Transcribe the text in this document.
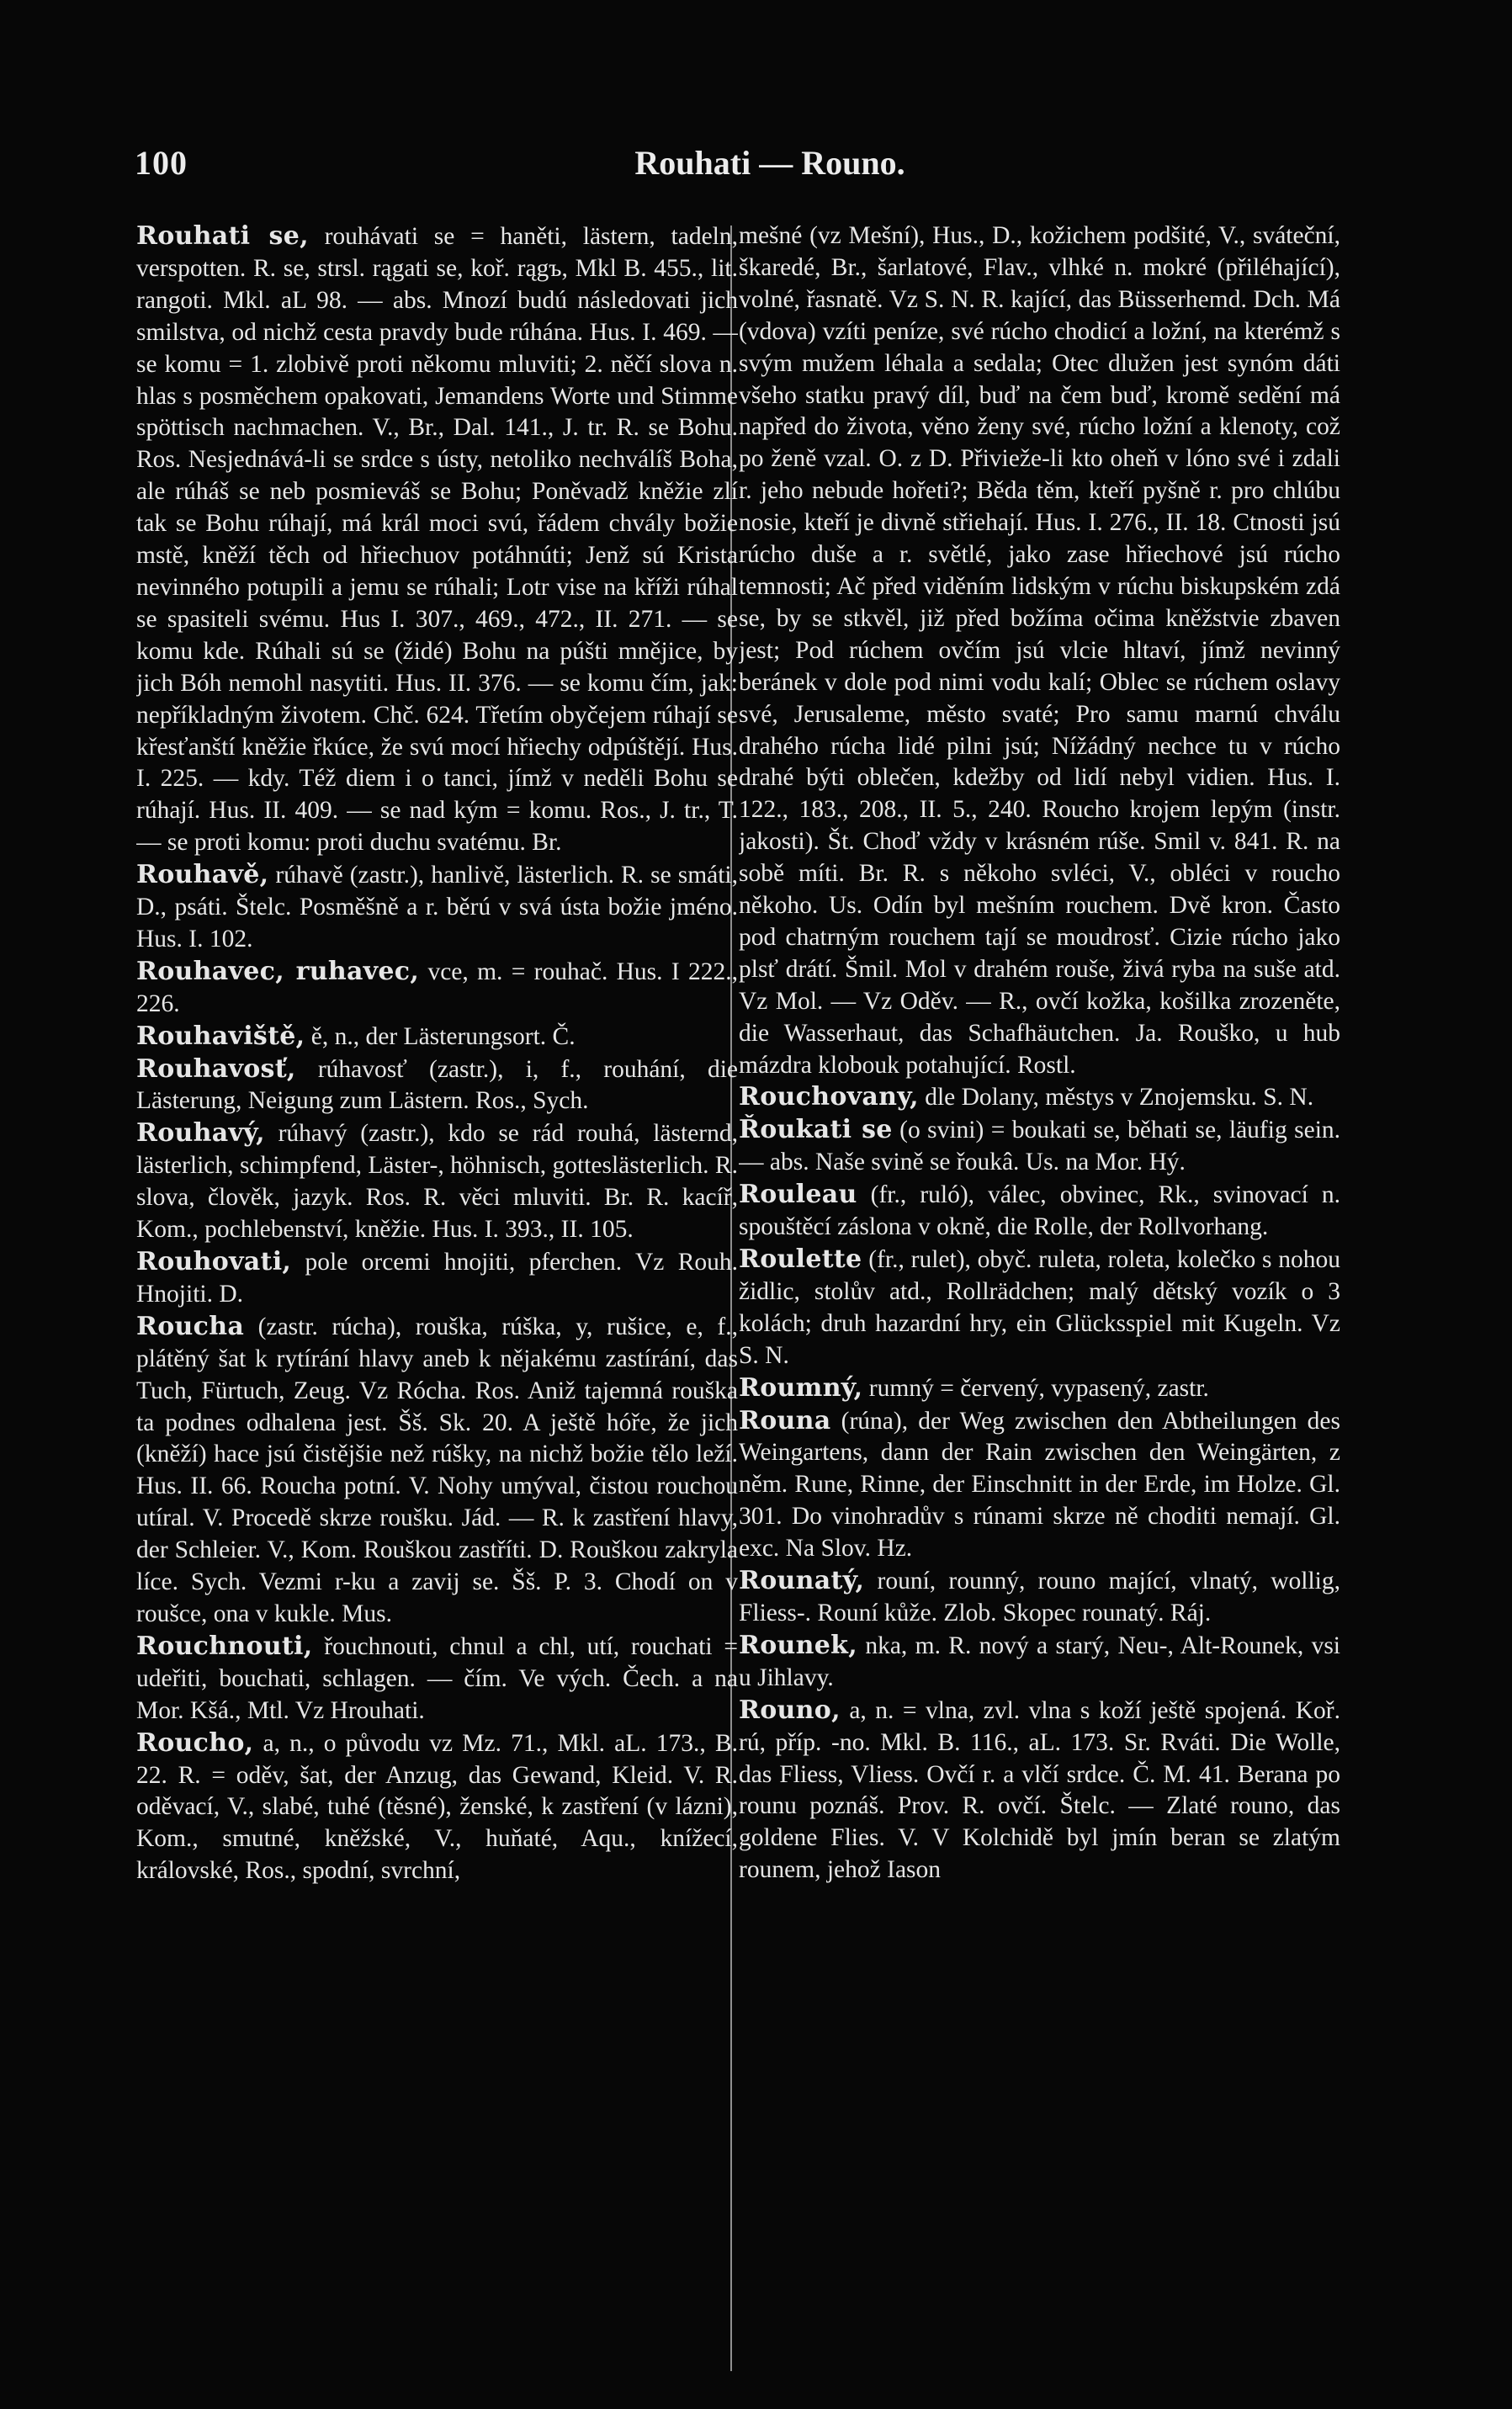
100	Rouhati — Rouno.

Rouhati se, rouhávati se = haněti, lästern, tadeln, verspotten. R. se, strsl. rągati se, koř. rągъ, Mkl B. 455., lit. rangoti. Mkl. aL 98. — abs. Mnozí budú následovati jich smilstva, od nichž cesta pravdy bude rúhána. Hus. I. 469. — se komu = 1. zlobivě proti někomu mluviti; 2. něčí slova n. hlas s posměchem opakovati, Jemandens Worte und Stimme spöttisch nachmachen. V., Br., Dal. 141., J. tr. R. se Bohu. Ros. Nesjednává-li se srdce s ústy, netoliko nechválíš Boha, ale rúháš se neb posmieváš se Bohu; Poněvadž kněžie zlí tak se Bohu rúhají, má král moci svú, řádem chvály božie mstě, kněží těch od hřiechuov potáhnúti; Jenž sú Krista nevinného potupili a jemu se rúhali; Lotr vise na kříži rúhal se spasiteli svému. Hus I. 307., 469., 472., II. 271. — se komu kde. Rúhali sú se (židé) Bohu na púšti mnějice, by jich Bóh nemohl nasytiti. Hus. II. 376. — se komu čím, jak: nepříkladným životem. Chč. 624. Třetím obyčejem rúhají se křesťanští kněžie řkúce, že svú mocí hřiechy odpúštějí. Hus. I. 225. — kdy. Též diem i o tanci, jímž v neděli Bohu se rúhají. Hus. II. 409. — se nad kým = komu. Ros., J. tr., T. — se proti komu: proti duchu svatému. Br.

Rouhavě, rúhavě (zastr.), hanlivě, lästerlich. R. se smáti, D., psáti. Štelc. Posměšně a r. běrú v svá ústa božie jméno. Hus. I. 102.

Rouhavec, ruhavec, vce, m. = rouhač. Hus. I 222., 226.

Rouhaviště, ě, n., der Lästerungsort. Č.

Rouhavosť, rúhavosť (zastr.), i, f., rouhání, die Lästerung, Neigung zum Lästern. Ros., Sych.

Rouhavý, rúhavý (zastr.), kdo se rád rouhá, lästernd, lästerlich, schimpfend, Läster-, höhnisch, gotteslästerlich. R. slova, člověk, jazyk. Ros. R. věci mluviti. Br. R. kacíř, Kom., pochlebenství, kněžie. Hus. I. 393., II. 105.

Rouhovati, pole orcemi hnojiti, pferchen. Vz Rouh. Hnojiti. D.

Roucha (zastr. rúcha), rouška, rúška, y, rušice, e, f., plátěný šat k rytírání hlavy aneb k nějakému zastírání, das Tuch, Fürtuch, Zeug. Vz Rócha. Ros. Aniž tajemná rouška ta podnes odhalena jest. Šš. Sk. 20. A ještě hóře, že jich (kněží) hace jsú čistějšie než rúšky, na nichž božie tělo leží. Hus. II. 66. Roucha potní. V. Nohy umýval, čistou rouchou utíral. V. Procedě skrze roušku. Jád. — R. k zastření hlavy, der Schleier. V., Kom. Rouškou zastříti. D. Rouškou zakryla líce. Sych. Vezmi r-ku a zavij se. Šš. P. 3. Chodí on v roušce, ona v kukle. Mus.

Rouchnouti, řouchnouti, chnul a chl, utí, rouchati = udeřiti, bouchati, schlagen. — čím. Ve vých. Čech. a na Mor. Kšá., Mtl. Vz Hrouhati.

Roucho, a, n., o původu vz Mz. 71., Mkl. aL. 173., B. 22. R. = oděv, šat, der Anzug, das Gewand, Kleid. V. R. oděvací, V., slabé, tuhé (těsné), ženské, k zastření (v lázni), Kom., smutné, kněžské, V., huňaté, Aqu., knížecí, královské, Ros., spodní, svrchní,

mešné (vz Mešní), Hus., D., kožichem podšité, V., sváteční, škaredé, Br., šarlatové, Flav., vlhké n. mokré (přiléhající), volné, řasnatě. Vz S. N. R. kající, das Büsserhemd. Dch. Má (vdova) vzíti peníze, své rúcho chodicí a ložní, na kterémž s svým mužem léhala a sedala; Otec dlužen jest synóm dáti všeho statku pravý díl, buď na čem buď, kromě sedění má napřed do života, věno ženy své, rúcho ložní a klenoty, což po ženě vzal. O. z D. Přivieže-li kto oheň v lóno své i zdali r. jeho nebude hořeti?; Běda těm, kteří pyšně r. pro chlúbu nosie, kteří je divně střiehají. Hus. I. 276., II. 18. Ctnosti jsú rúcho duše a r. světlé, jako zase hřiechové jsú rúcho temnosti; Ač před viděním lidským v rúchu biskupském zdá se, by se stkvěl, již před božíma očima kněžstvie zbaven jest; Pod rúchem ovčím jsú vlcie hltaví, jímž nevinný beránek v dole pod nimi vodu kalí; Oblec se rúchem oslavy své, Jerusaleme, město svaté; Pro samu marnú chválu drahého rúcha lidé pilni jsú; Nížádný nechce tu v rúcho drahé býti oblečen, kdežby od lidí nebyl vidien. Hus. I. 122., 183., 208., II. 5., 240. Roucho krojem lepým (instr. jakosti). Št. Choď vždy v krásném rúše. Smil v. 841. R. na sobě míti. Br. R. s někoho svléci, V., obléci v roucho někoho. Us. Odín byl mešním rouchem. Dvě kron. Často pod chatrným rouchem tají se moudrosť. Cizie rúcho jako plsť drátí. Šmil. Mol v drahém rouše, živá ryba na suše atd. Vz Mol. — Vz Oděv. — R., ovčí kožka, košilka zrozeněte, die Wasserhaut, das Schafhäutchen. Ja. Rouško, u hub mázdra klobouk potahující. Rostl.

Rouchovany, dle Dolany, městys v Znojemsku. S. N.

Řoukati se (o svini) = boukati se, běhati se, läufig sein. — abs. Naše svině se řoukâ. Us. na Mor. Hý.

Rouleau (fr., ruló), válec, obvinec, Rk., svinovací n. spouštěcí záslona v okně, die Rolle, der Rollvorhang.

Roulette (fr., rulet), obyč. ruleta, roleta, kolečko s nohou židlic, stolův atd., Rollrädchen; malý dětský vozík o 3 kolách; druh hazardní hry, ein Glücksspiel mit Kugeln. Vz S. N.

Roumný, rumný = červený, vypasený, zastr.

Rouna (rúna), der Weg zwischen den Abtheilungen des Weingartens, dann der Rain zwischen den Weingärten, z něm. Rune, Rinne, der Einschnitt in der Erde, im Holze. Gl. 301. Do vinohradův s rúnami skrze ně choditi nemají. Gl. exc. Na Slov. Hz.

Rounatý, rouní, rounný, rouno mající, vlnatý, wollig, Fliess-. Rouní kůže. Zlob. Skopec rounatý. Ráj.

Rounek, nka, m. R. nový a starý, Neu-, Alt-Rounek, vsi u Jihlavy.

Rouno, a, n. = vlna, zvl. vlna s koží ještě spojená. Koř. rú, příp. -no. Mkl. B. 116., aL. 173. Sr. Rváti. Die Wolle, das Fliess, Vliess. Ovčí r. a vlčí srdce. Č. M. 41. Berana po rounu poznáš. Prov. R. ovčí. Štelc. — Zlaté rouno, das goldene Flies. V. V Kolchidě byl jmín beran se zlatým rounem, jehož Iason
